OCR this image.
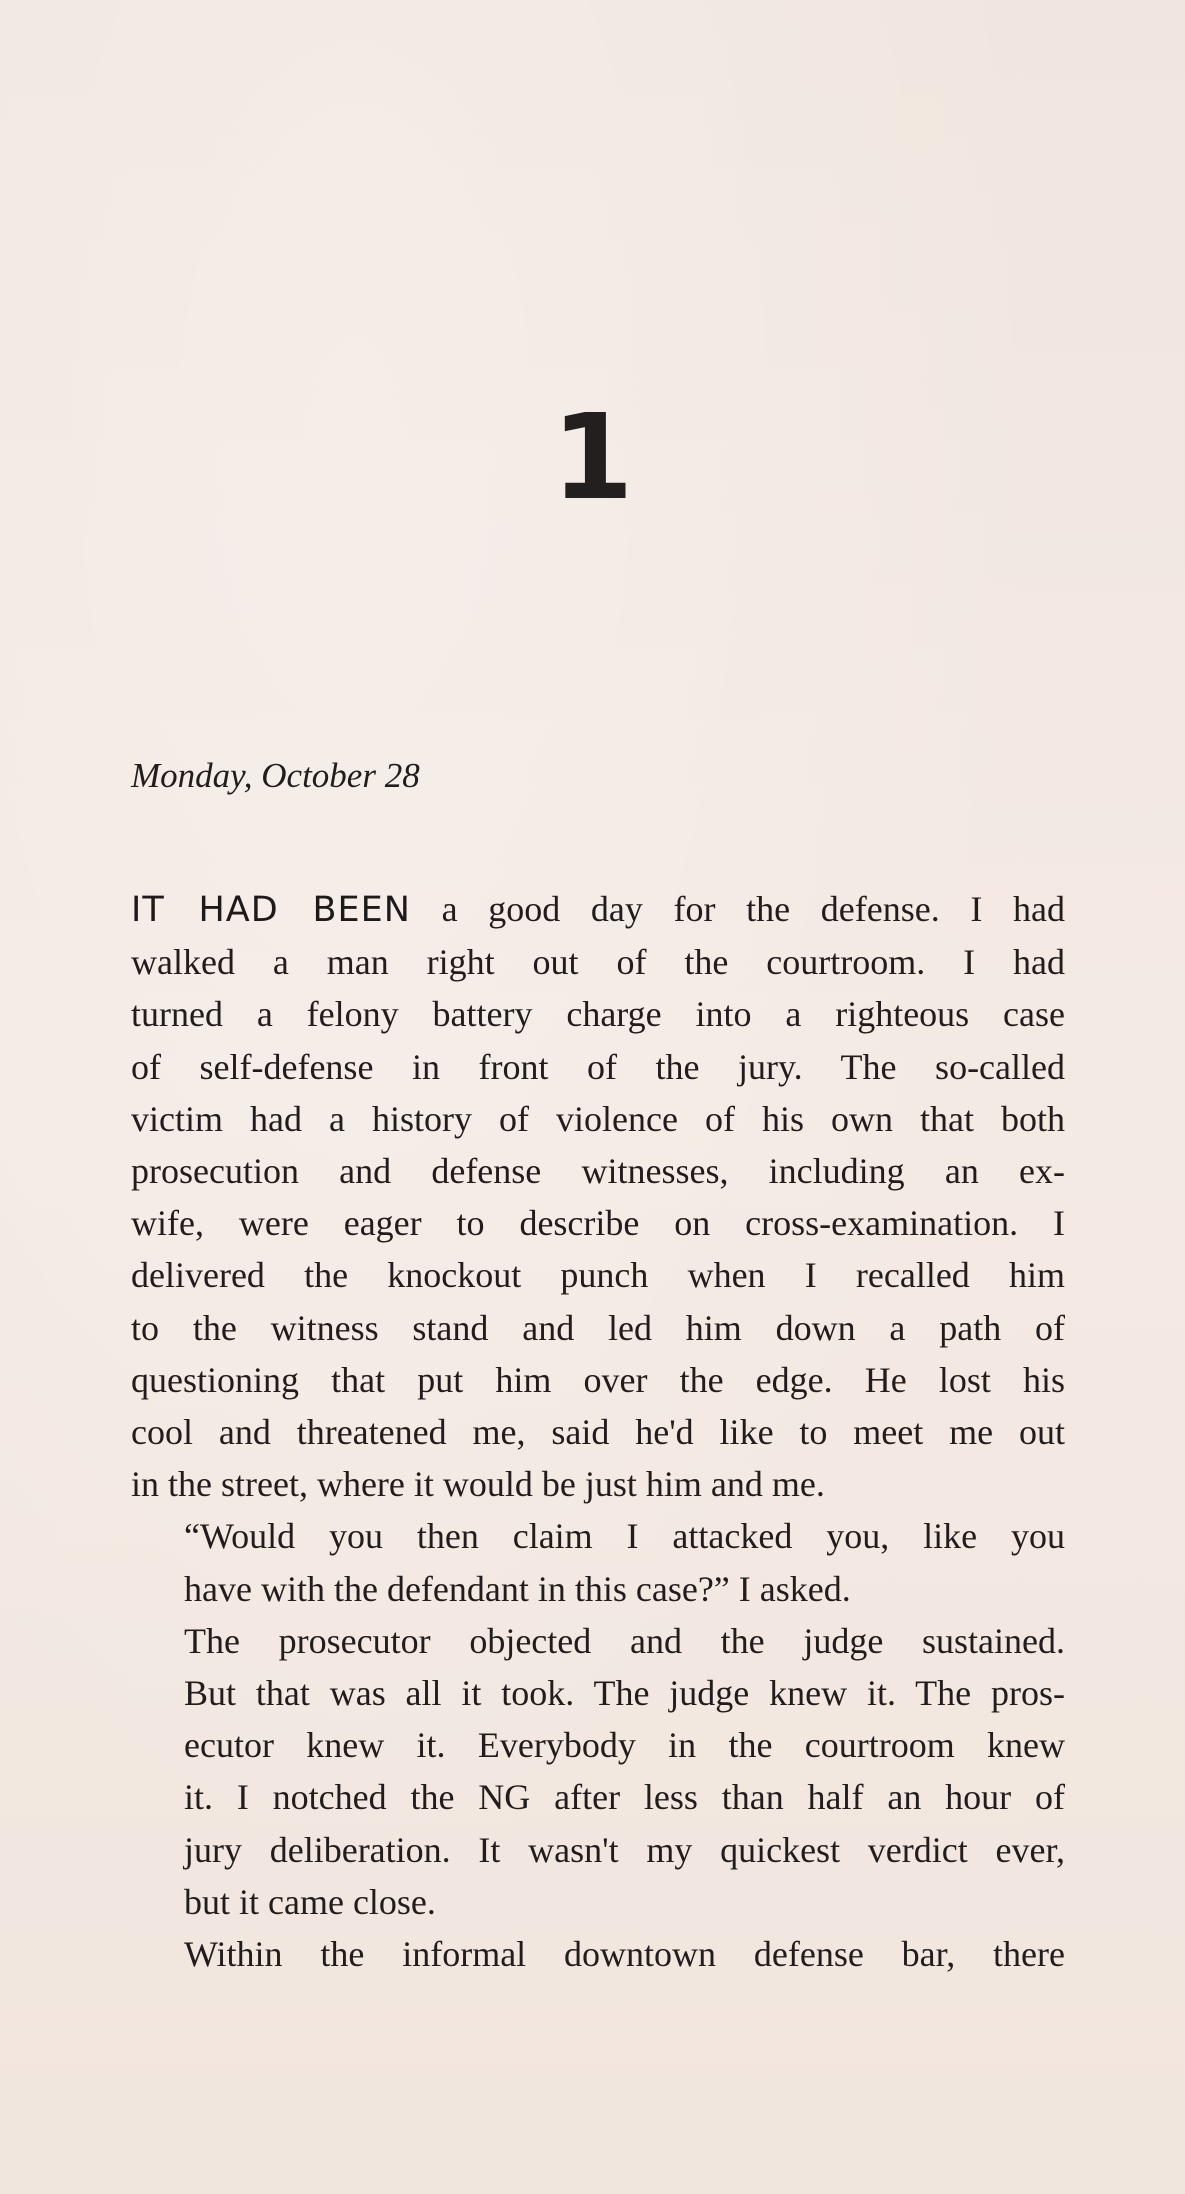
1
Monday, October 28

IT HAD BEEN a good day for the defense. I had
walked a man right out of the courtroom. I had
turned a felony battery charge into a righteous case
of self-defense in front of the jury. The so-called
victim had a history of violence of his own that both
prosecution and defense witnesses, including an ex-
wife, were eager to describe on cross-examination. I
delivered the knockout punch when I recalled him
to the witness stand and led him down a path of
questioning that put him over the edge. He lost his
cool and threatened me, said he'd like to meet me out
in the street, where it would be just him and me.

“Would you then claim I attacked you, like you
have with the defendant in this case?” I asked.

The prosecutor objected and the judge sustained.
But that was all it took. The judge knew it. The pros-
ecutor knew it. Everybody in the courtroom knew
it. I notched the NG after less than half an hour of
jury deliberation. It wasn't my quickest verdict ever,
but it came close.

Within the informal downtown defense bar, there
